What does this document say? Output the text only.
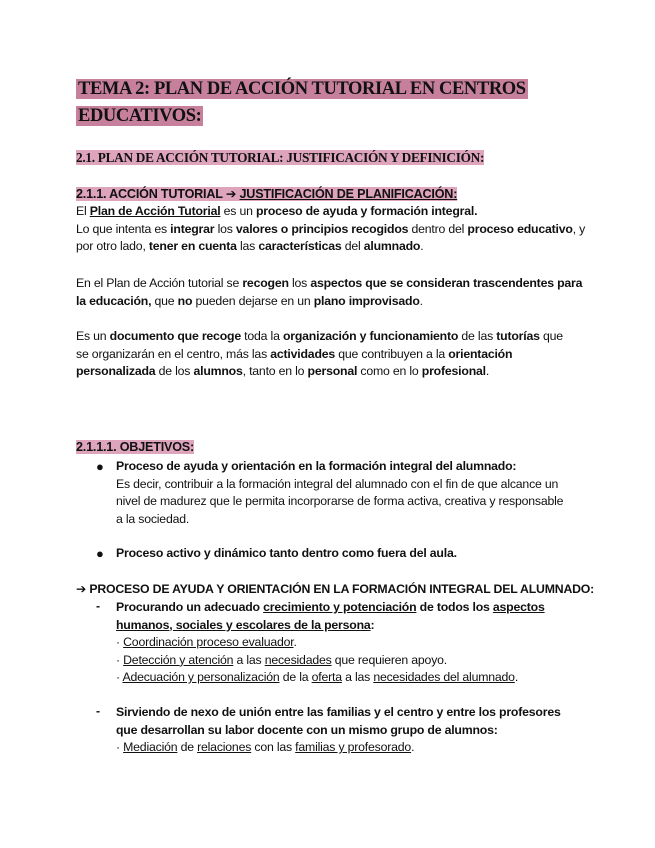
TEMA 2: PLAN DE ACCIÓN TUTORIAL EN CENTROS
EDUCATIVOS:
2.1. PLAN DE ACCIÓN TUTORIAL: JUSTIFICACIÓN Y DEFINICIÓN:
2.1.1. ACCIÓN TUTORIAL ➔ JUSTIFICACIÓN DE PLANIFICACIÓN:
El Plan de Acción Tutorial es un proceso de ayuda y formación integral.
Lo que intenta es integrar los valores o principios recogidos dentro del proceso educativo, y por otro lado, tener en cuenta las características del alumnado.
En el Plan de Acción tutorial se recogen los aspectos que se consideran trascendentes para la educación, que no pueden dejarse en un plano improvisado.
Es un documento que recoge toda la organización y funcionamiento de las tutorías que se organizarán en el centro, más las actividades que contribuyen a la orientación personalizada de los alumnos, tanto en lo personal como en lo profesional.
2.1.1.1. OBJETIVOS:
●	Proceso de ayuda y orientación en la formación integral del alumnado:
Es decir, contribuir a la formación integral del alumnado con el fin de que alcance un nivel de madurez que le permita incorporarse de forma activa, creativa y responsable a la sociedad.
●	Proceso activo y dinámico tanto dentro como fuera del aula.
➔ PROCESO DE AYUDA Y ORIENTACIÓN EN LA FORMACIÓN INTEGRAL DEL ALUMNADO:
-	Procurando un adecuado crecimiento y potenciación de todos los aspectos humanos, sociales y escolares de la persona:
· Coordinación proceso evaluador.
· Detección y atención a las necesidades que requieren apoyo.
· Adecuación y personalización de la oferta a las necesidades del alumnado.
-	Sirviendo de nexo de unión entre las familias y el centro y entre los profesores que desarrollan su labor docente con un mismo grupo de alumnos:
· Mediación de relaciones con las familias y profesorado.
